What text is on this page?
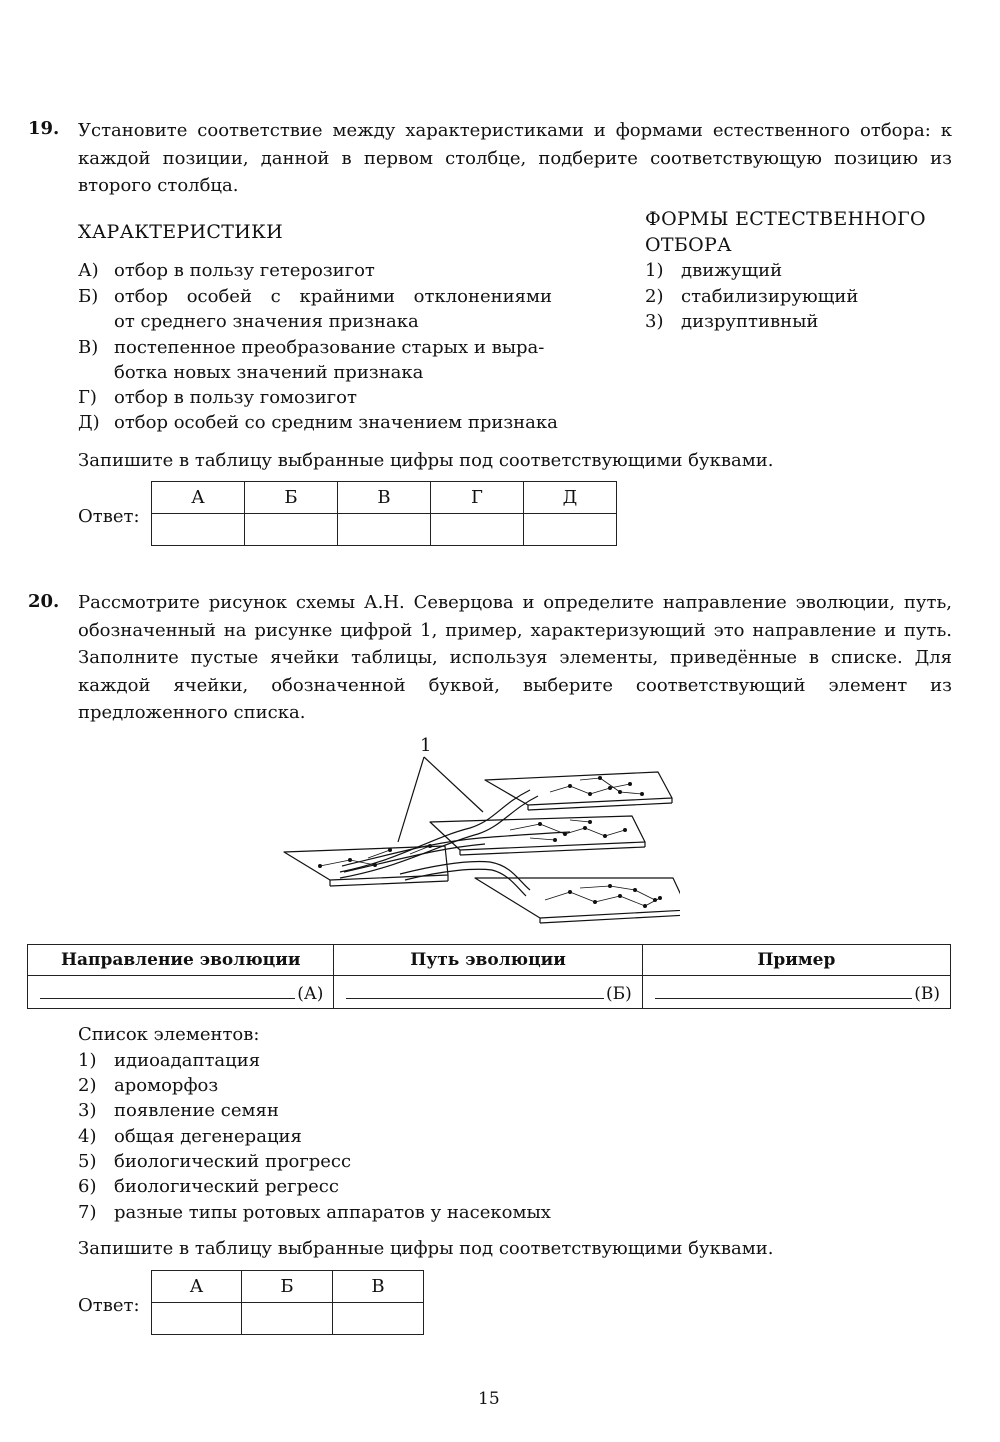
19. Установите соответствие между характеристиками и формами естественного отбора: к каждой позиции, данной в первом столбце, подберите соответствующую позицию из второго столбца.
ХАРАКТЕРИСТИКИ
ФОРМЫ ЕСТЕСТВЕННОГО
ОТБОРА
А) отбор в пользу гетерозигот
Б) отбор особей с крайними отклонениями
от среднего значения признака
В) постепенное преобразование старых и выра-
ботка новых значений признака
Г) отбор в пользу гомозигот
Д) отбор особей со средним значением признака
1) движущий
2) стабилизирующий
3) дизруптивный
Запишите в таблицу выбранные цифры под соответствующими буквами.
Ответ:
А	Б	В	Г	Д

20. Рассмотрите рисунок схемы А.Н. Северцова и определите направление эволюции, путь, обозначенный на рисунке цифрой 1, пример, характеризующий это направление и путь. Заполните пустые ячейки таблицы, используя элементы, приведённые в списке. Для каждой ячейки, обозначенной буквой, выберите соответствующий элемент из предложенного списка.
1
Направление эволюции	Путь эволюции	Пример

(А)	(Б)	(В)
Список элементов:
1) идиоадаптация
2) ароморфоз
3) появление семян
4) общая дегенерация
5) биологический прогресс
6) биологический регресс
7) разные типы ротовых аппаратов у насекомых
Запишите в таблицу выбранные цифры под соответствующими буквами.
Ответ:
А	Б	В

15
